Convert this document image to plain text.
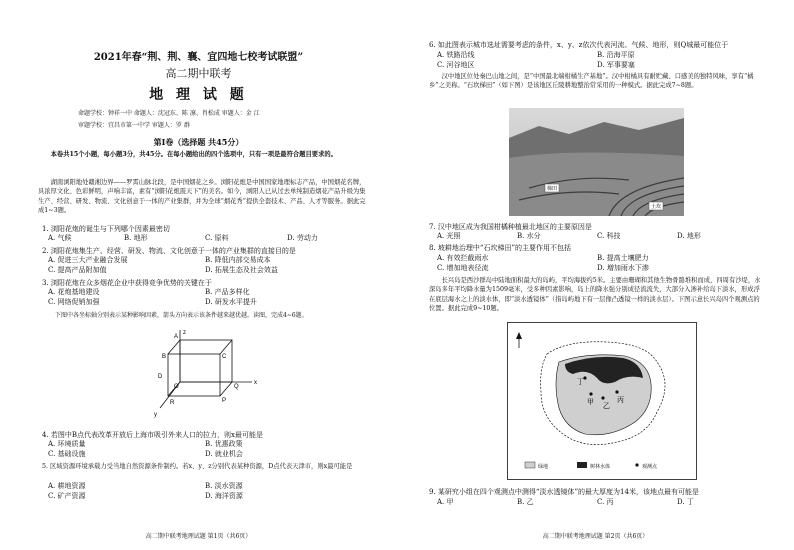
2021年春“荆、荆、襄、宜四地七校考试联盟”
高二期中联考
地 理 试 题
命题学校：钟祥一中 命题人：沈冠东、陈 凛、肖松成 审题人：金 江
审题学校：宜昌市第一中学 审题人：罗 群
第Ⅰ卷（选择题 共45分）
本卷共15个小题，每小题3分，共45分。在每小题给出的四个选项中，只有一项是最符合题目要求的。
湖南浏阳地处赣湘边界——罗霄山脉北段，是中国烟花之乡。浏阳花炮是中国国家地理标志产品，中国烟花名牌，具浓厚文化、色彩鲜明，声响丰富，素有“浏阳花炮震天下”的美名。如今，浏阳人已从过去单纯制造烟花产品升级为集生产、经营、研发、物流、文化创意于一体的产业集群，并为全球“烟花秀”提供全套技术、产品、人才等服务。据此完成1~3题。
1. 浏阳花炮的诞生与下列哪个因素最密切
A. 气候	B. 地形	C. 原料	D. 劳动力
2. 浏阳花炮集生产、经营、研发、物流、文化创意于一体的产业集群的直接目的是
A. 促进三大产业融合发展	B. 降低内部交易成本
C. 提高产品附加值	D. 拓展生态及社会效益
3. 浏阳花炮在众多烟花企业中获得竞争优势的关键在于
A. 花炮基地建设	B. 产品多样化
C. 网络促销加强	D. 研发水平提升
下图中各坐标轴分别表示某种影响因素，箭头方向表示该条件越来越优越。读图，完成4~6题。
A
B	C
D
O
P
Q
R
x
y
z
4. 若图中B点代表改革开放后上海市吸引外来人口的拉力，则x最可能是
A. 环境质量	B. 优惠政策
C. 基础设施	D. 就业机会
5. 区域资源环境承载力受当地自然资源条件制约。若x、y、z分别代表某种资源，D点代表天津市，则x最可能是
A. 耕地资源	B. 淡水资源
C. 矿产资源	D. 海洋资源
高二期中联考地理试题 第1页（共6页）
6. 如此图表示城市选址需要考虑的条件，x、y、z依次代表河流、气候、地形，则Q城最可能位于
A. 铁路沿线	B. 沿海平原
C. 河谷地区	D. 军事要塞
汉中地区位处秦巴山地之间，是“中国最北端柑橘生产基地”。汉中柑橘具有耐贮藏、口感美的独特风味，享有“橘乡”之美称。“石坎梯田”（如下图）是该地区丘陵耕地整治常采用的一种模式。据此完成7~8题。
梯田
土坎
7. 汉中地区成为我国柑橘种植最北地区的主要原因是
A. 光照	B. 水分	C. 科技	D. 地形
8. 坡耕地治理中“石坎梯田”的主要作用不包括
A. 有效拦截雨水	B. 提高土壤肥力
C. 增加地表径流	D. 増加雨水下渗
长兴岛是西沙群岛中陆地面积最大的岛屿，平均海拔约5米。主要由珊瑚和其他生物骨骼堆积而成，四周有沙堤，水深岛多年平均降水量为1509毫米，受多种因素影响，岛上的降水强分别成径流流失，大部分入渗补给岛下淡水，形成浮在底层海水之上的淡水体，即“淡水透镜体”（指岛屿地下有一层像凸透镜一样的淡水层）。下图示意长兴岛四个观测点的位置。据此完成9~10题。
甲
乙
丙
丁
绿地	树林水体	观测点
9. 某研究小组在四个观测点中测得“淡水透镜体”的最大厚度为14米，该地点最有可能是
A. 甲	B. 乙	C. 丙	D. 丁
高二期中联考地理试题 第2页（共6页）
